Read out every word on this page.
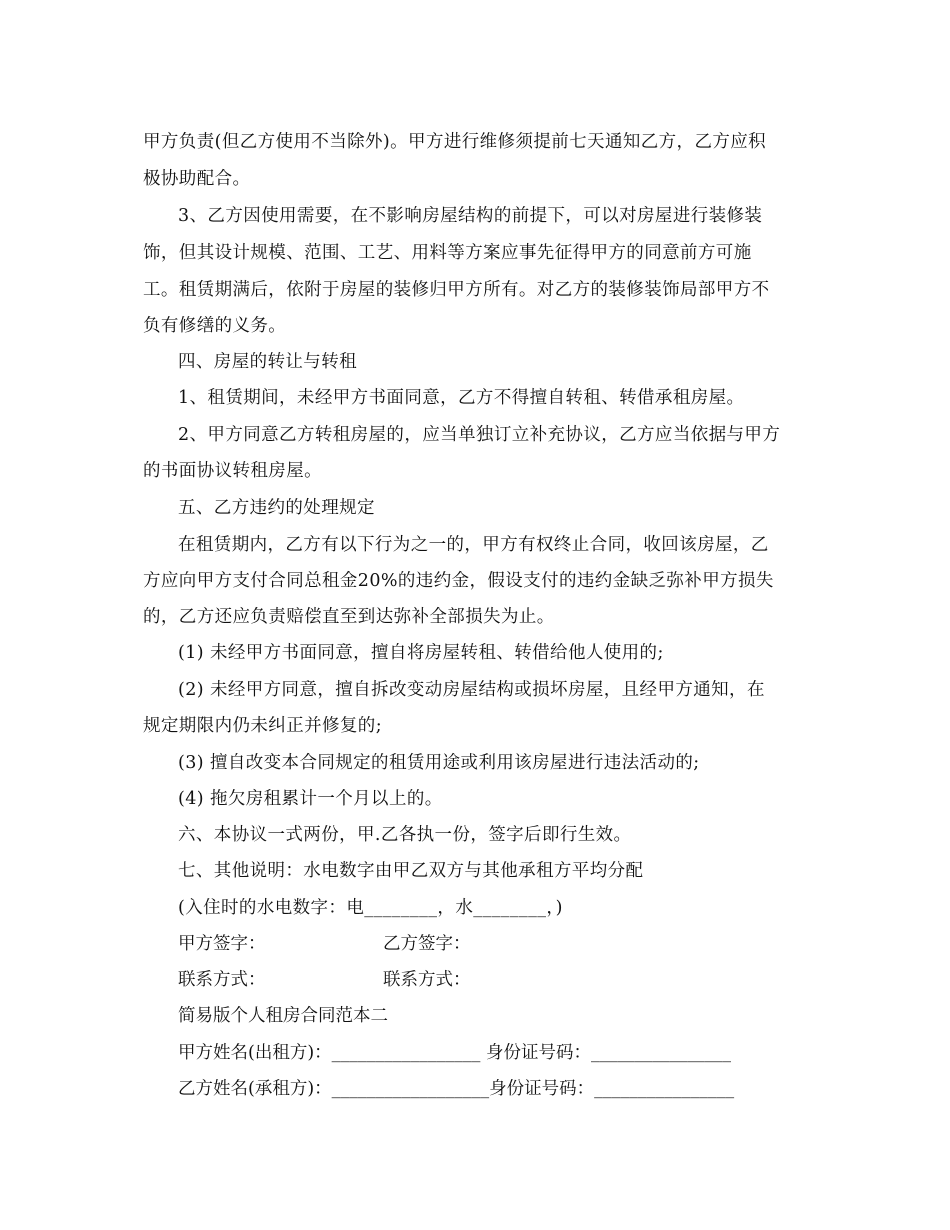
甲方负责(但乙方使用不当除外)。甲方进行维修须提前七天通知乙方，乙方应积
极协助配合。
3、乙方因使用需要，在不影响房屋结构的前提下，可以对房屋进行装修装
饰，但其设计规模、范围、工艺、用料等方案应事先征得甲方的同意前方可施
工。租赁期满后，依附于房屋的装修归甲方所有。对乙方的装修装饰局部甲方不
负有修缮的义务。
四、房屋的转让与转租
1、租赁期间，未经甲方书面同意，乙方不得擅自转租、转借承租房屋。
2、甲方同意乙方转租房屋的，应当单独订立补充协议，乙方应当依据与甲方
的书面协议转租房屋。
五、乙方违约的处理规定
在租赁期内，乙方有以下行为之一的，甲方有权终止合同，收回该房屋，乙
方应向甲方支付合同总租金20%的违约金，假设支付的违约金缺乏弥补甲方损失
的，乙方还应负责赔偿直至到达弥补全部损失为止。
(1) 未经甲方书面同意，擅自将房屋转租、转借给他人使用的;
(2) 未经甲方同意，擅自拆改变动房屋结构或损坏房屋，且经甲方通知，在
规定期限内仍未纠正并修复的;
(3) 擅自改变本合同规定的租赁用途或利用该房屋进行违法活动的;
(4) 拖欠房租累计一个月以上的。
六、本协议一式两份，甲.乙各执一份，签字后即行生效。
七、其他说明：水电数字由甲乙双方与其他承租方平均分配
(入住时的水电数字：电________，水________，)
甲方签字：	乙方签字：
联系方式：	联系方式：
简易版个人租房合同范本二
甲方姓名(出租方)：_________________ 身份证号码：________________
乙方姓名(承租方)：__________________身份证号码：________________
